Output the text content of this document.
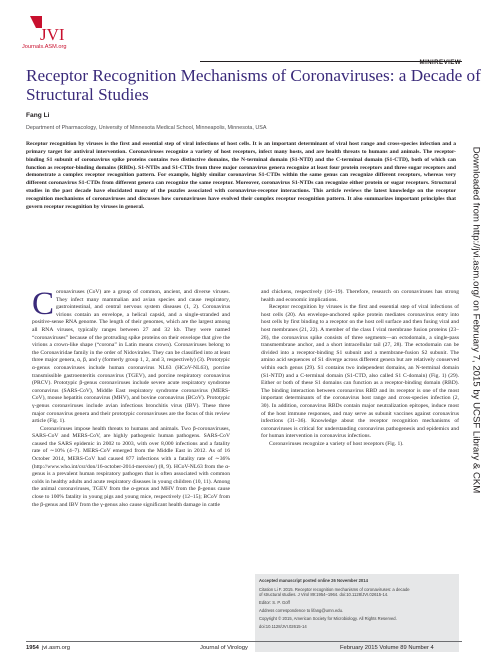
JVI
Journals.ASM.org
MINIREVIEW
Receptor Recognition Mechanisms of Coronaviruses: a Decade of
Structural Studies
Fang Li
Department of Pharmacology, University of Minnesota Medical School, Minneapolis, Minnesota, USA
Receptor recognition by viruses is the first and essential step of viral infections of host cells. It is an important determinant of viral host range and cross-species infection and a primary target for antiviral intervention. Coronaviruses recognize a variety of host receptors, infect many hosts, and are health threats to humans and animals. The receptor-binding S1 subunit of coronavirus spike proteins contains two distinctive domains, the N-terminal domain (S1-NTD) and the C-terminal domain (S1-CTD), both of which can function as receptor-binding domains (RBDs). S1-NTDs and S1-CTDs from three major coronavirus genera recognize at least four protein receptors and three sugar receptors and demonstrate a complex receptor recognition pattern. For example, highly similar coronavirus S1-CTDs within the same genus can recognize different receptors, whereas very different coronavirus S1-CTDs from different genera can recognize the same receptor. Moreover, coronavirus S1-NTDs can recognize either protein or sugar receptors. Structural studies in the past decade have elucidated many of the puzzles associated with coronavirus-receptor interactions. This article reviews the latest knowledge on the receptor recognition mechanisms of coronaviruses and discusses how coronaviruses have evolved their complex receptor recognition pattern. It also summarizes important principles that govern receptor recognition by viruses in general.

Coronaviruses (CoV) are a group of common, ancient, and diverse viruses. They infect many mammalian and avian species and cause respiratory, gastrointestinal, and central nervous system diseases (1, 2). Coronavirus virions contain an envelope, a helical capsid, and a single-stranded and positive-sense RNA genome. The length of their genomes, which are the largest among all RNA viruses, typically ranges between 27 and 32 kb. They were named “coronaviruses” because of the protruding spike proteins on their envelope that give the virions a crown-like shape (“corona” in Latin means crown). Coronaviruses belong to the Coronaviridae family in the order of Nidovirales. They can be classified into at least three major genera, α, β, and γ (formerly group 1, 2, and 3, respectively) (3). Prototypic α-genus coronaviruses include human coronavirus NL63 (HCoV-NL63), porcine transmissible gastroenteritis coronavirus (TGEV), and porcine respiratory coronavirus (PRCV). Prototypic β-genus coronaviruses include severe acute respiratory syndrome coronavirus (SARS-CoV), Middle East respiratory syndrome coronavirus (MERS-CoV), mouse hepatitis coronavirus (MHV), and bovine coronavirus (BCoV). Prototypic γ-genus coronaviruses include avian infectious bronchitis virus (IBV). These three major coronavirus genera and their prototypic coronaviruses are the focus of this review article (Fig. 1).

Coronaviruses impose health threats to humans and animals. Two β-coronaviruses, SARS-CoV and MERS-CoV, are highly pathogenic human pathogens. SARS-CoV caused the SARS epidemic in 2002 to 2003, with over 8,000 infections and a fatality rate of ∼10% (4–7). MERS-CoV emerged from the Middle East in 2012. As of 16 October 2014, MERS-CoV had caused 877 infections with a fatality rate of ∼36% (http://www.who.int/csr/don/16-october-2014-mers/en/) (8, 9). HCoV-NL63 from the α-genus is a prevalent human respiratory pathogen that is often associated with common colds in healthy adults and acute respiratory diseases in young children (10, 11). Among the animal coronaviruses, TGEV from the α-genus and MHV from the β-genus cause close to 100% fatality in young pigs and young mice, respectively (12–15); BCoV from the β-genus and IBV from the γ-genus also cause significant health damage in cattle

and chickens, respectively (16–19). Therefore, research on coronaviruses has strong health and economic implications.

Receptor recognition by viruses is the first and essential step of viral infections of host cells (20). An envelope-anchored spike protein mediates coronavirus entry into host cells by first binding to a receptor on the host cell surface and then fusing viral and host membranes (21, 22). A member of the class I viral membrane fusion proteins (23–26), the coronavirus spike consists of three segments—an ectodomain, a single-pass transmembrane anchor, and a short intracellular tail (27, 28). The ectodomain can be divided into a receptor-binding S1 subunit and a membrane-fusion S2 subunit. The amino acid sequences of S1 diverge across different genera but are relatively conserved within each genus (29). S1 contains two independent domains, an N-terminal domain (S1-NTD) and a C-terminal domain (S1-CTD, also called S1 C-domain) (Fig. 1) (29). Either or both of these S1 domains can function as a receptor-binding domain (RBD). The binding interaction between coronavirus RBD and its receptor is one of the most important determinants of the coronavirus host range and cross-species infection (2, 30). In addition, coronavirus RBDs contain major neutralization epitopes, induce most of the host immune responses, and may serve as subunit vaccines against coronavirus infections (31–36). Knowledge about the receptor recognition mechanisms of coronaviruses is critical for understanding coronavirus pathogenesis and epidemics and for human intervention in coronavirus infections.

Coronaviruses recognize a variety of host receptors (Fig. 1).

Accepted manuscript posted online 26 November 2014
Citation Li F. 2015. Receptor recognition mechanisms of coronaviruses: a decade
of structural studies. J Virol 89:1954–1964. doi:10.1128/JVI.02615-14.
Editor: S. P. Goff
Address correspondence to lifang@umn.edu.
Copyright © 2015, American Society for Microbiology. All Rights Reserved.
doi:10.1128/JVI.02615-14
Downloaded from http://jvi.asm.org/ on February 7, 2015 by UCSF Library & CKM
1954 jvi.asm.org	Journal of Virology	February 2015 Volume 89 Number 4
